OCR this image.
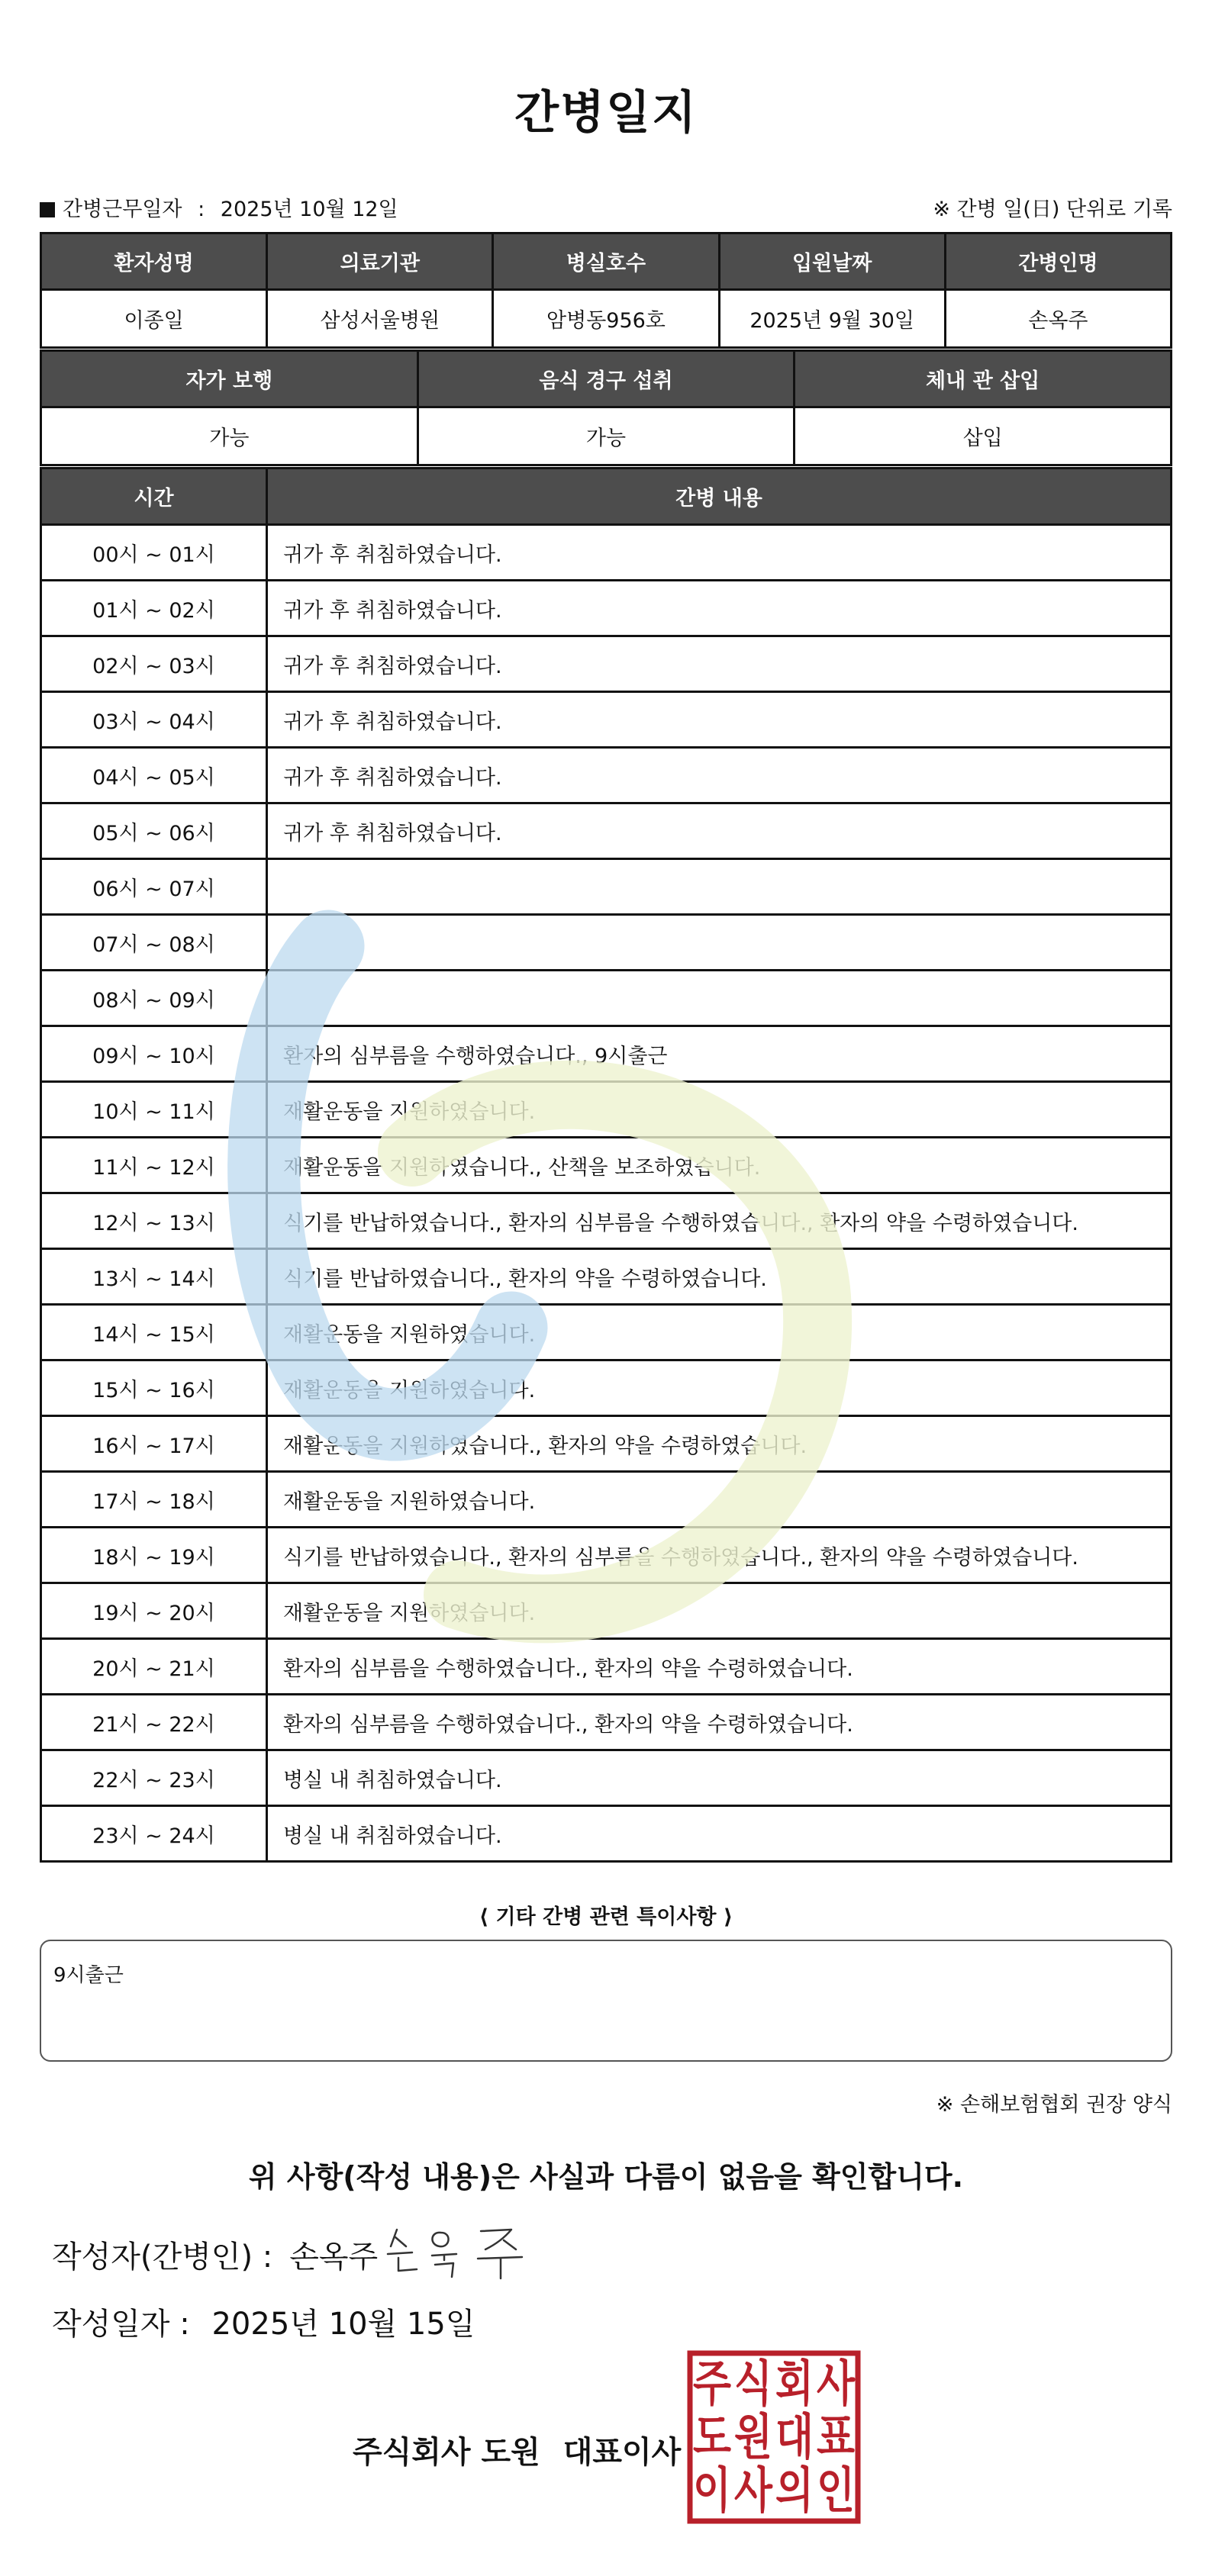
간병일지
간병근무일자 : 2025년 10월 12일	※ 간병 일(日) 단위로 기록
환자성명	의료기관	병실호수	입원날짜	간병인명
이종일	삼성서울병원	암병동956호	2025년 9월 30일	손옥주
자가 보행	음식 경구 섭취	체내 관 삽입
가능	가능	삽입
시간	간병 내용
00시 ~ 01시	귀가 후 취침하였습니다.
01시 ~ 02시	귀가 후 취침하였습니다.
02시 ~ 03시	귀가 후 취침하였습니다.
03시 ~ 04시	귀가 후 취침하였습니다.
04시 ~ 05시	귀가 후 취침하였습니다.
05시 ~ 06시	귀가 후 취침하였습니다.
06시 ~ 07시	
07시 ~ 08시	
08시 ~ 09시	
09시 ~ 10시	환자의 심부름을 수행하였습니다., 9시출근
10시 ~ 11시	재활운동을 지원하였습니다.
11시 ~ 12시	재활운동을 지원하였습니다., 산책을 보조하였습니다.
12시 ~ 13시	식기를 반납하였습니다., 환자의 심부름을 수행하였습니다., 환자의 약을 수령하였습니다.
13시 ~ 14시	식기를 반납하였습니다., 환자의 약을 수령하였습니다.
14시 ~ 15시	재활운동을 지원하였습니다.
15시 ~ 16시	재활운동을 지원하였습니다.
16시 ~ 17시	재활운동을 지원하였습니다., 환자의 약을 수령하였습니다.
17시 ~ 18시	재활운동을 지원하였습니다.
18시 ~ 19시	식기를 반납하였습니다., 환자의 심부름을 수행하였습니다., 환자의 약을 수령하였습니다.
19시 ~ 20시	재활운동을 지원하였습니다.
20시 ~ 21시	환자의 심부름을 수행하였습니다., 환자의 약을 수령하였습니다.
21시 ~ 22시	환자의 심부름을 수행하였습니다., 환자의 약을 수령하였습니다.
22시 ~ 23시	병실 내 취침하였습니다.
23시 ~ 24시	병실 내 취침하였습니다.
⟨ 기타 간병 관련 특이사항 ⟩
9시출근
※ 손해보험협회 권장 양식
위 사항(작성 내용)은 사실과 다름이 없음을 확인합니다.
작성자(간병인) : 손옥주
작성일자 : 2025년 10월 15일
주식회사 도원 대표이사
주 식 회 사
도 원 대 표
이 사 의 인
